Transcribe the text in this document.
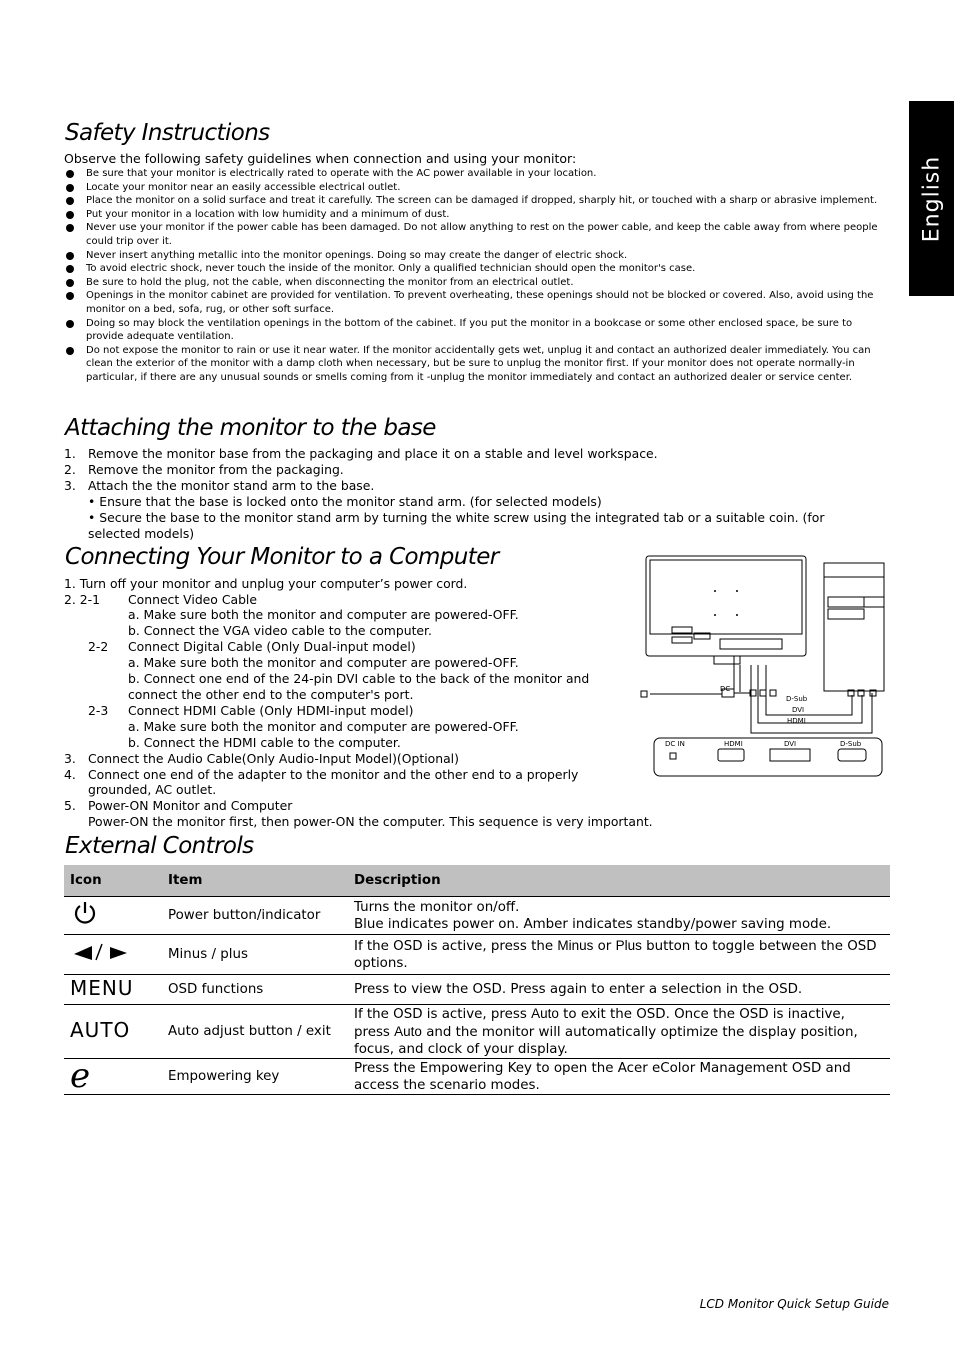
English
Safety Instructions
Observe the following safety guidelines when connection and using your monitor:
Be sure that your monitor is electrically rated to operate with the AC power available in your location.
Locate your monitor near an easily accessible electrical outlet.
Place the monitor on a solid surface and treat it carefully. The screen can be damaged if dropped, sharply hit, or touched with a sharp or abrasive implement.
Put your monitor in a location with low humidity and a minimum of dust.
Never use your monitor if the power cable has been damaged. Do not allow anything to rest on the power cable, and keep the cable away from where people could trip over it.
Never insert anything metallic into the monitor openings. Doing so may create the danger of electric shock.
To avoid electric shock, never touch the inside of the monitor. Only a qualified technician should open the monitor's case.
Be sure to hold the plug, not the cable, when disconnecting the monitor from an electrical outlet.
Openings in the monitor cabinet are provided for ventilation. To prevent overheating, these openings should not be blocked or covered. Also, avoid using the monitor on a bed, sofa, rug, or other soft surface.
Doing so may block the ventilation openings in the bottom of the cabinet. If you put the monitor in a bookcase or some other enclosed space, be sure to provide adequate ventilation.
Do not expose the monitor to rain or use it near water. If the monitor accidentally gets wet, unplug it and contact an authorized dealer immediately. You can clean the exterior of the monitor with a damp cloth when necessary, but be sure to unplug the monitor first. If your monitor does not operate normally-in particular, if there are any unusual sounds or smells coming from it -unplug the monitor immediately and contact an authorized dealer or service center.
Attaching the monitor to the base
1. Remove the monitor base from the packaging and place it on a stable and level workspace.
2. Remove the monitor from the packaging.
3. Attach the the monitor stand arm to the base.
• Ensure that the base is locked onto the monitor stand arm. (for selected models)
• Secure the base to the monitor stand arm by turning the white screw using the integrated tab or a suitable coin. (for
selected models)
Connecting Your Monitor to a Computer
1. Turn off your monitor and unplug your computer’s power cord.
2. 2-1 Connect Video Cable
a. Make sure both the monitor and computer are powered-OFF.
b. Connect the VGA video cable to the computer.
2-2 Connect Digital Cable (Only Dual-input model)
a. Make sure both the monitor and computer are powered-OFF.
b. Connect one end of the 24-pin DVI cable to the back of the monitor and
connect the other end to the computer's port.
2-3 Connect HDMI Cable (Only HDMI-input model)
a. Make sure both the monitor and computer are powered-OFF.
b. Connect the HDMI cable to the computer.
3. Connect the Audio Cable(Only Audio-Input Model)(Optional)
4. Connect one end of the adapter to the monitor and the other end to a properly
grounded, AC outlet.
5. Power-ON Monitor and Computer
Power-ON the monitor first, then power-ON the computer. This sequence is very important.
DC
D-Sub
DVI
HDMI
DC IN	HDMI	DVI	D-Sub
External Controls
Icon	Item	Description
	Power button/indicator	Turns the monitor on/off.
Blue indicates power on. Amber indicates standby/power saving mode.

	Minus / plus	If the OSD is active, press the Minus or Plus button to toggle between the OSD options.
MENU	OSD functions	Press to view the OSD. Press again to enter a selection in the OSD.
AUTO	Auto adjust button / exit	If the OSD is active, press Auto to exit the OSD. Once the OSD is inactive, press Auto and the monitor will automatically optimize the display position, focus, and clock of your display.
e	Empowering key	Press the Empowering Key to open the Acer eColor Management OSD and access the scenario modes.
LCD Monitor Quick Setup Guide
